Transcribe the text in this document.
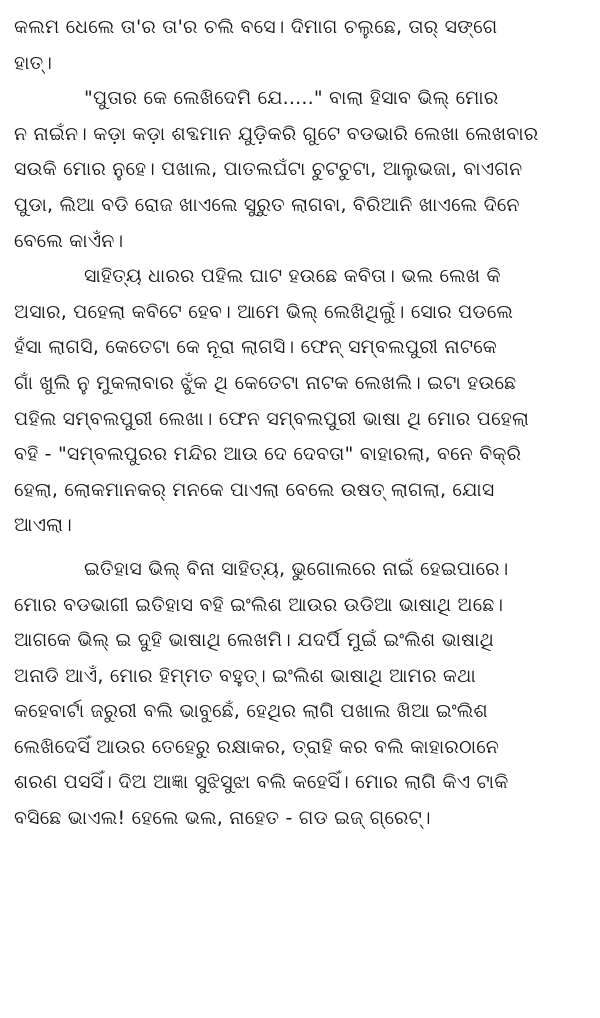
କଲମ ଧେଲେ ତା'ର ତା'ର ଚଲି ବସେ। ଦିମାଗ ଚଲୁଛେ, ତାର୍ ସଙ୍ଗେ
ହାତ୍।
"ପୁତାର କେ ଲେଖିଦେମି ଯେ....." ବାଲା ହିସାବ ଭିଲ୍ ମୋର
ନ ନାଇଁନ। କଡ଼ା କଡ଼ା ଶବ୍ଦମାନ ଯୁଡ଼ିକରି ଗୁଟେ ବଡଭାରି ଲେଖା ଲେଖବାର
ସଉକି ମୋର ନୁହେ। ପଖାଲ, ପାତଲଘଁଟା ଚୁଟଚୁଟା, ଆଲୁଭଜା, ବାଏଗନ
ପୁଡା, ଲିଆ ବଡି ରୋଜ ଖାଏଲେ ସୁରୁତ ଲାଗବା, ବିରିଆନି ଖାଏଲେ ଦିନେ
ବେଲେ କାଏଁନ।
ସାହିତ୍ୟ ଧାରର ପହିଲ ଘାଟ ହଉଛେ କବିତା। ଭଲ ଲେଖ କି
ଅସାର, ପହେଲା କବିଟେ ହେବ। ଆମେ ଭିଲ୍ ଲେଖିଥିଲୁଁ। ସୋର ପଡଲେ
ହଁସା ଲାଗସି, କେତେଟା କେ ନୂରା ଲାଗସି। ଫେନ୍ ସମ୍ବଲପୁରୀ ନାଟକେ
ଗାଁ ଖୁଲି ନୁ ମୁକଲାବାର ଝୁଁକ ଥି କେତେଟା ନାଟକ ଲେଖଲି। ଇଟା ହଉଛେ
ପହିଲ ସମ୍ବଲପୁରୀ ଲେଖା। ଫେନ ସମ୍ବଲପୁରୀ ଭାଷା ଥି ମୋର ପହେଲା
ବହି - "ସମ୍ବଲପୁରର ମନ୍ଦିର ଆଉ ଦେ ଦେବତା" ବାହାରଲା, ବନେ ବିକ୍ରି
ହେଲା, ଲୋକମାନକର୍ ମନକେ ପାଏଲା ବେଲେ ଉଷତ୍ ଲାଗଲା, ଯୋସ
ଆଏଲା।
ଇତିହାସ ଭିଲ୍ ବିନା ସାହିତ୍ୟ, ଭୁଗୋଲରେ ନାଇଁ ହେଇପାରେ।
ମୋର ବଡଭାଗୀ ଇତିହାସ ବହି ଇଂଲିଶ ଆଉର ଉଡିଆ ଭାଷାଥି ଅଛେ।
ଆଗକେ ଭିଲ୍ ଇ ଦୁହି ଭାଷାଥି ଲେଖମି। ଯଦର୍ପି ମୁଇଁ ଇଂଲିଶ ଭାଷାଥି
ଅନାଡି ଆଏଁ, ମୋର ହିମ୍ମତ ବହୁତ୍। ଇଂଲିଶ ଭାଷାଥି ଆମର କଥା
କହେବାର୍ଟା ଜରୁରୀ ବଲି ଭାବୁଛେଁ, ହେଥିର ଲାଗି ପଖାଲ ଖିଆ ଇଂଲିଶ
ଲେଖିଦେସିଁ ଆଉର ତେହେରୁ ରକ୍ଷାକର, ତ୍ରାହି କର ବଲି କାହାରଠାନେ
ଶରଣ ପସସିଁ। ଦିଅ ଆଜ୍ଞା ସୁଝିସୁଝା ବଲି କହେସିଁ। ମୋର ଲାଗି କିଏ ଟାକି
ବସିଛେ ଭାଏଲ! ହେଲେ ଭଲ, ନାହେତ - ଗଡ ଇଜ୍ ଗ୍ରେଟ୍।
